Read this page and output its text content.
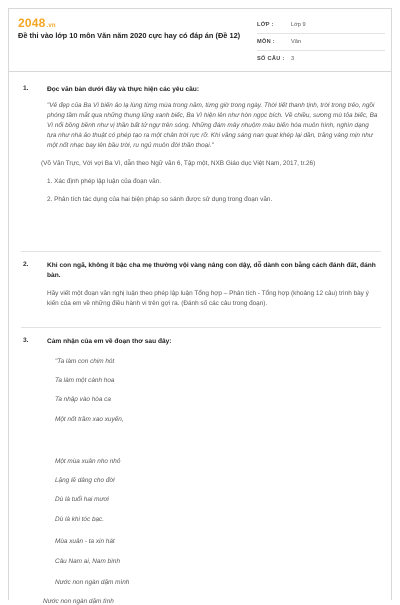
2048.vn
Đề thi vào lớp 10 môn Văn năm 2020 cực hay có đáp án (Đề 12)
LỚP :	Lớp 9
MÔN :	Văn
SỐ CÂU :	3
1.	Đọc văn bản dưới đây và thực hiện các yêu cầu:
"Vẻ đẹp của Ba Vì biến ảo lạ lùng từng mùa trong năm, từng giờ trong ngày. Thời tiết thanh tịnh, trời trong trẻo, ngồi phóng tầm mắt qua những thung lũng xanh biếc, Ba Vì hiện lên như hòn ngọc bích. Về chiều, sương mù tỏa biếc, Ba Vì nổi bồng bềnh như vị thần bất tử ngự trên sóng. Những đám mây nhuộm màu biến hóa muôn hình, nghìn dạng tựa như nhà ảo thuật có phép tạo ra một chân trời rực rỡ. Khi vầng sáng nan quạt khép lại dần, trăng vàng mịn như một nốt nhạc bay lên bầu trời, ru ngủ muôn đời thần thoại."
(Võ Văn Trực, Với vợi Ba Vì, dẫn theo Ngữ văn 6, Tập một, NXB Giáo dục Việt Nam, 2017, tr.26)
1. Xác định phép lập luận của đoạn văn.
2. Phân tích tác dụng của hai biện pháp so sánh được sử dụng trong đoạn văn.
2.	Khi con ngã, không ít bậc cha mẹ thường vội vàng nâng con dậy, dỗ dành con bằng cách đánh đất, đánh bàn.
Hãy viết một đoạn văn nghị luận theo phép lập luận Tổng hợp – Phân tích - Tổng hợp (khoảng 12 câu) trình bày ý kiến của em về những điều hành vi trên gợi ra. (Đánh số các câu trong đoạn).
3.	Cảm nhận của em về đoạn thơ sau đây:
"Ta làm con chim hót
Ta làm một cành hoa
Ta nhập vào hòa ca
Một nốt trầm xao xuyến,
Một mùa xuân nho nhỏ
Lặng lẽ dâng cho đời
Dù là tuổi hai mươi
Dù là khi tóc bạc.
Mùa xuân - ta xin hát
Câu Nam ai, Nam bình
Nước non ngàn dặm mình
Nước non ngàn dặm tình
